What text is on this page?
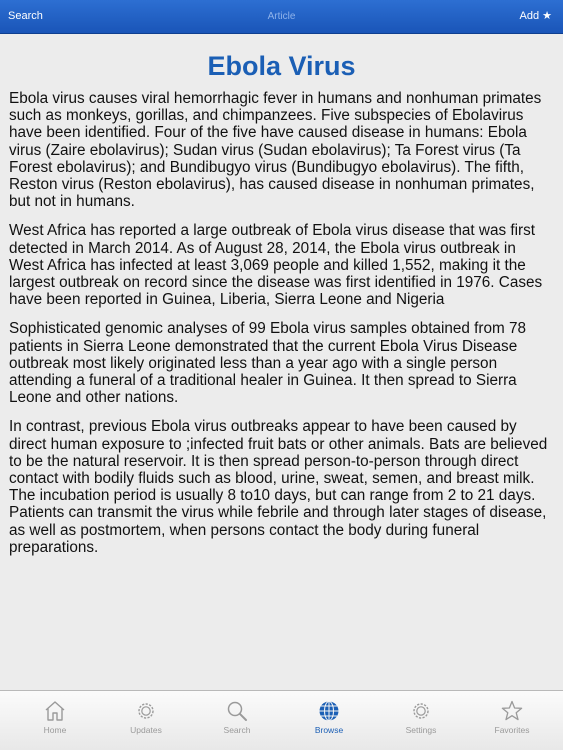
Search	Article	Add ★
Ebola Virus

Ebola virus causes viral hemorrhagic fever in humans and nonhuman primates such as monkeys, gorillas, and chimpanzees. Five subspecies of Ebolavirus have been identified. Four of the five have caused disease in humans: Ebola virus (Zaire ebolavirus); Sudan virus (Sudan ebolavirus); Ta Forest virus (Ta Forest ebolavirus); and Bundibugyo virus (Bundibugyo ebolavirus). The fifth, Reston virus (Reston ebolavirus), has caused disease in nonhuman primates, but not in humans.

West Africa has reported a large outbreak of Ebola virus disease that was first detected in March 2014. As of August 28, 2014, the Ebola virus outbreak in West Africa has infected at least 3,069 people and killed 1,552, making it the largest outbreak on record since the disease was first identified in 1976. Cases have been reported in Guinea, Liberia, Sierra Leone and Nigeria

Sophisticated genomic analyses of 99 Ebola virus samples obtained from 78 patients in Sierra Leone demonstrated that the current Ebola Virus Disease outbreak most likely originated less than a year ago with a single person attending a funeral of a traditional healer in Guinea. It then spread to Sierra Leone and other nations.

In contrast, previous Ebola virus outbreaks appear to have been caused by direct human exposure to ;infected fruit bats or other animals. Bats are believed to be the natural reservoir. It is then spread person-to-person through direct contact with bodily fluids such as blood, urine, sweat, semen, and breast milk. The incubation period is usually 8 to10 days, but can range from 2 to 21 days. Patients can transmit the virus while febrile and through later stages of disease, as well as postmortem, when persons contact the body during funeral preparations.

Home	Updates	Search	Browse	Settings	Favorites
